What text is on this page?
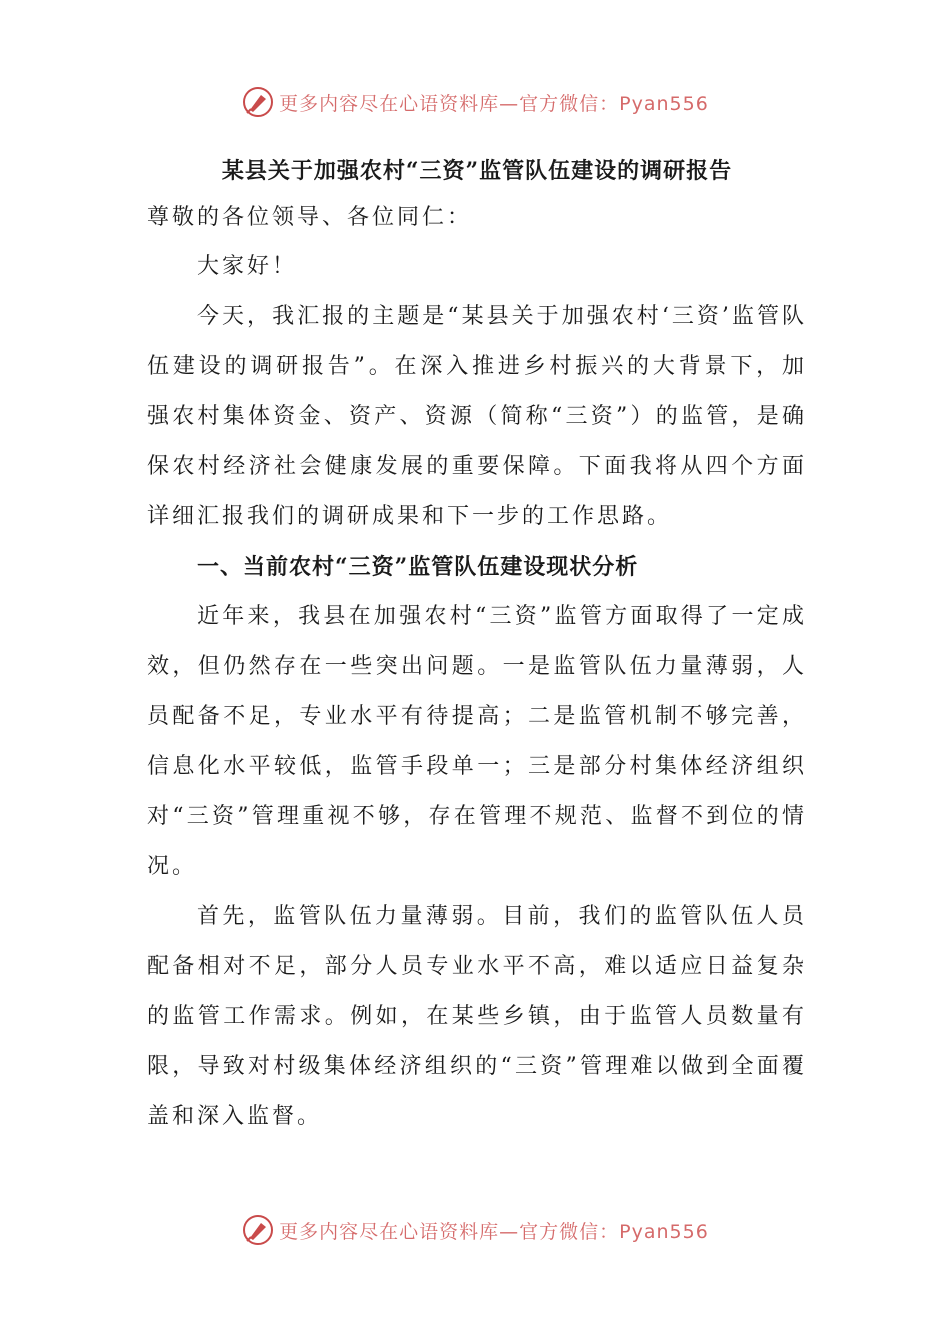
更多内容尽在心语资料库—官方微信：Pyan556
某县关于加强农村“三资”监管队伍建设的调研报告

尊敬的各位领导、各位同仁：

大家好！

今天，我汇报的主题是“某县关于加强农村‘三资’监管队伍建设的调研报告”。在深入推进乡村振兴的大背景下，加强农村集体资金、资产、资源（简称“三资”）的监管，是确保农村经济社会健康发展的重要保障。下面我将从四个方面详细汇报我们的调研成果和下一步的工作思路。

一、当前农村“三资”监管队伍建设现状分析

近年来，我县在加强农村“三资”监管方面取得了一定成效，但仍然存在一些突出问题。一是监管队伍力量薄弱，人员配备不足，专业水平有待提高；二是监管机制不够完善，信息化水平较低，监管手段单一；三是部分村集体经济组织对“三资”管理重视不够，存在管理不规范、监督不到位的情况。

首先，监管队伍力量薄弱。目前，我们的监管队伍人员配备相对不足，部分人员专业水平不高，难以适应日益复杂的监管工作需求。例如，在某些乡镇，由于监管人员数量有限，导致对村级集体经济组织的“三资”管理难以做到全面覆盖和深入监督。

更多内容尽在心语资料库—官方微信：Pyan556
